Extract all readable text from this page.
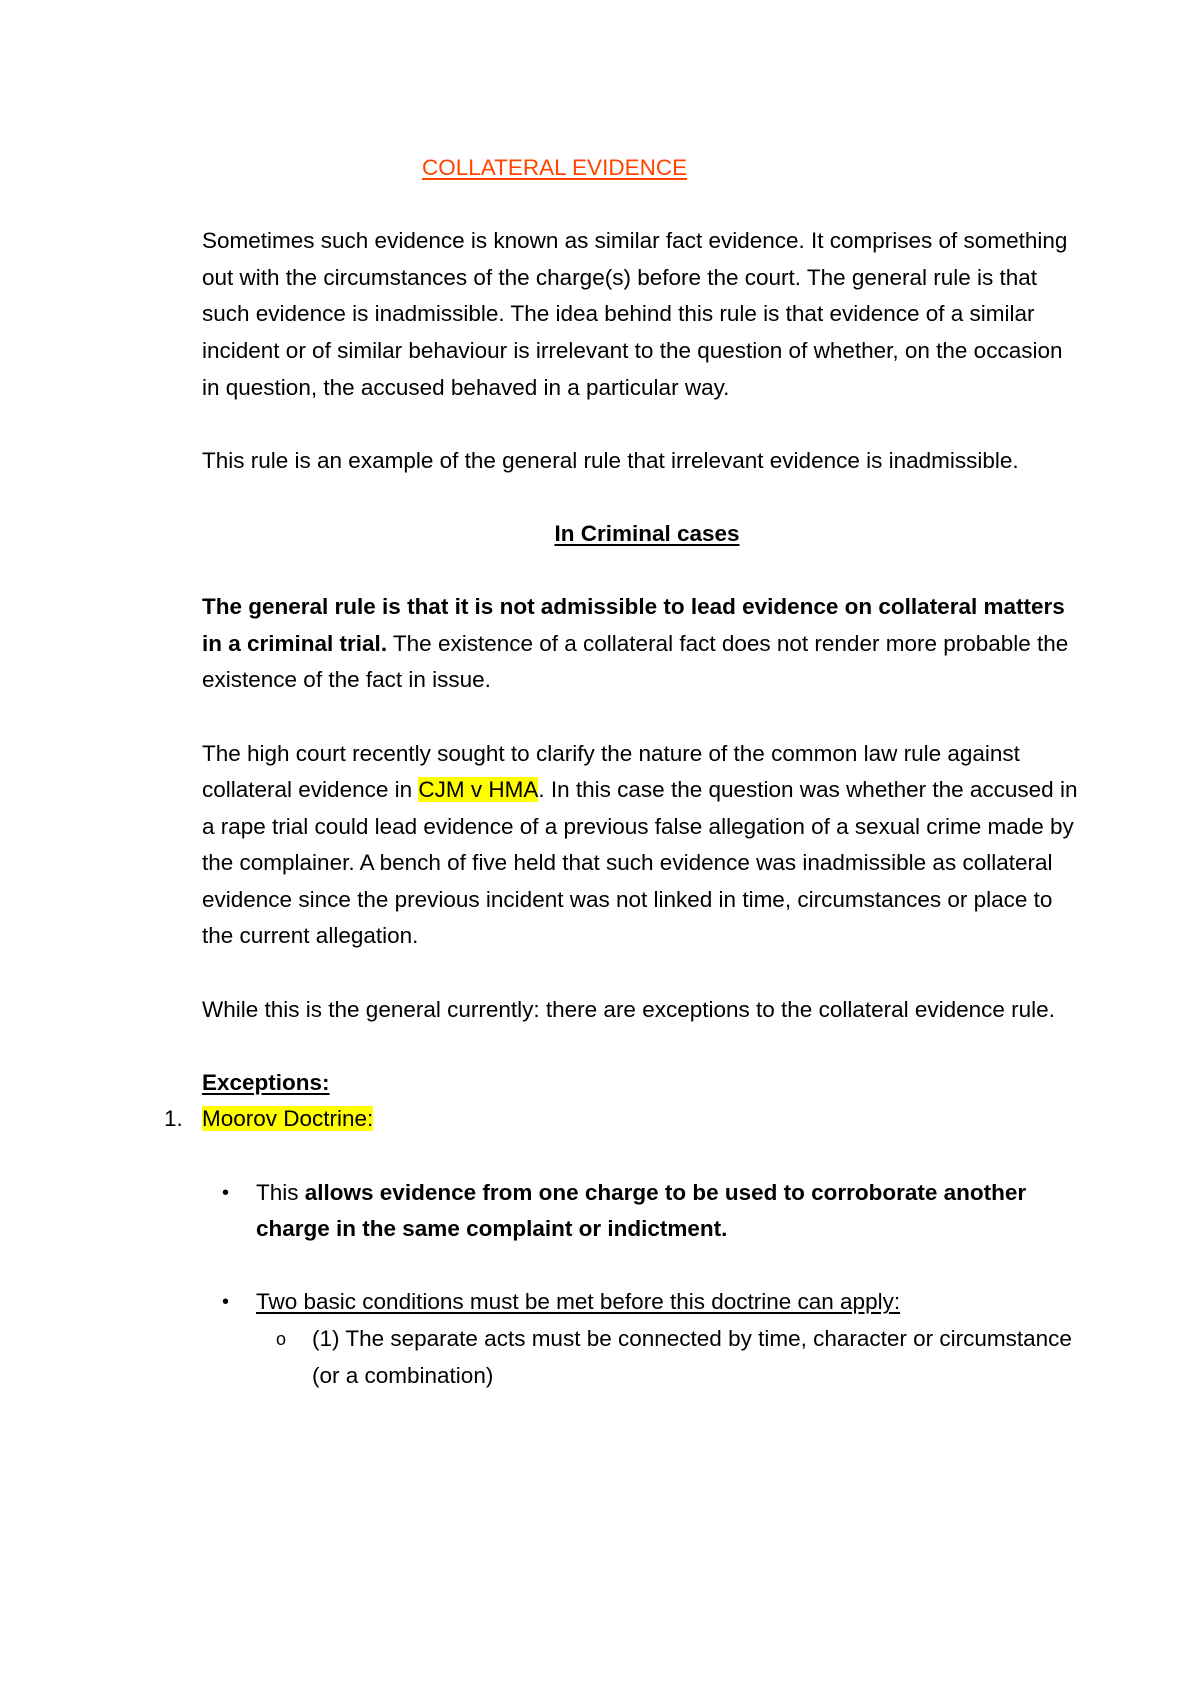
COLLATERAL EVIDENCE

Sometimes such evidence is known as similar fact evidence. It comprises of something out with the circumstances of the charge(s) before the court. The general rule is that such evidence is inadmissible. The idea behind this rule is that evidence of a similar incident or of similar behaviour is irrelevant to the question of whether, on the occasion in question, the accused behaved in a particular way.

This rule is an example of the general rule that irrelevant evidence is inadmissible.

In Criminal cases

The general rule is that it is not admissible to lead evidence on collateral matters in a criminal trial. The existence of a collateral fact does not render more probable the existence of the fact in issue.

The high court recently sought to clarify the nature of the common law rule against collateral evidence in CJM v HMA. In this case the question was whether the accused in a rape trial could lead evidence of a previous false allegation of a sexual crime made by the complainer. A bench of five held that such evidence was inadmissible as collateral evidence since the previous incident was not linked in time, circumstances or place to the current allegation.

While this is the general currently: there are exceptions to the collateral evidence rule.

Exceptions:
1. Moorov Doctrine:
• This allows evidence from one charge to be used to corroborate another charge in the same complaint or indictment.
• Two basic conditions must be met before this doctrine can apply:
o (1) The separate acts must be connected by time, character or circumstance (or a combination)
